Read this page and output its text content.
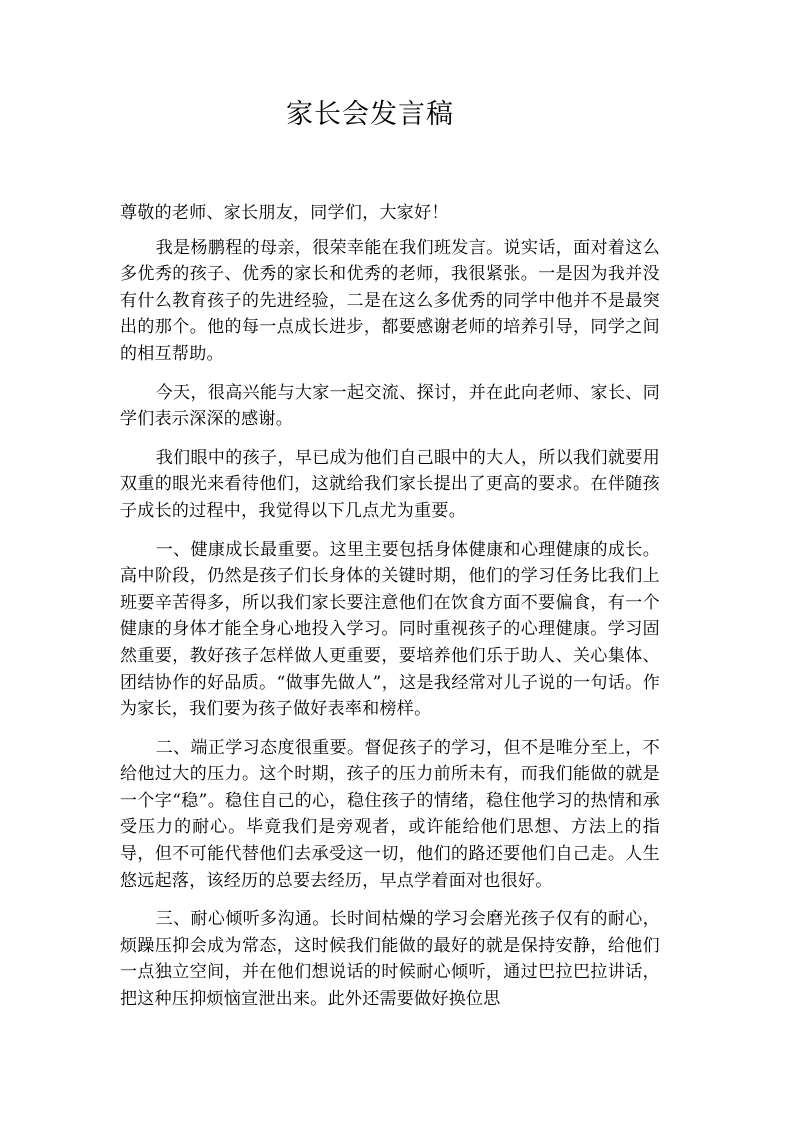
家长会发言稿

尊敬的老师、家长朋友，同学们，大家好！

我是杨鹏程的母亲，很荣幸能在我们班发言。说实话，面对着这么多优秀的孩子、优秀的家长和优秀的老师，我很紧张。一是因为我并没有什么教育孩子的先进经验，二是在这么多优秀的同学中他并不是最突出的那个。他的每一点成长进步，都要感谢老师的培养引导，同学之间的相互帮助。

今天，很高兴能与大家一起交流、探讨，并在此向老师、家长、同学们表示深深的感谢。

我们眼中的孩子，早已成为他们自己眼中的大人，所以我们就要用双重的眼光来看待他们，这就给我们家长提出了更高的要求。在伴随孩子成长的过程中，我觉得以下几点尤为重要。

一、健康成长最重要。这里主要包括身体健康和心理健康的成长。高中阶段，仍然是孩子们长身体的关键时期，他们的学习任务比我们上班要辛苦得多，所以我们家长要注意他们在饮食方面不要偏食，有一个健康的身体才能全身心地投入学习。同时重视孩子的心理健康。学习固然重要，教好孩子怎样做人更重要，要培养他们乐于助人、关心集体、团结协作的好品质。“做事先做人”，这是我经常对儿子说的一句话。作为家长，我们要为孩子做好表率和榜样。

二、端正学习态度很重要。督促孩子的学习，但不是唯分至上，不给他过大的压力。这个时期，孩子的压力前所未有，而我们能做的就是一个字“稳”。稳住自己的心，稳住孩子的情绪，稳住他学习的热情和承受压力的耐心。毕竟我们是旁观者，或许能给他们思想、方法上的指导，但不可能代替他们去承受这一切，他们的路还要他们自己走。人生悠远起落，该经历的总要去经历，早点学着面对也很好。

三、耐心倾听多沟通。长时间枯燥的学习会磨光孩子仅有的耐心，烦躁压抑会成为常态，这时候我们能做的最好的就是保持安静，给他们一点独立空间，并在他们想说话的时候耐心倾听，通过巴拉巴拉讲话，把这种压抑烦恼宣泄出来。此外还需要做好换位思
